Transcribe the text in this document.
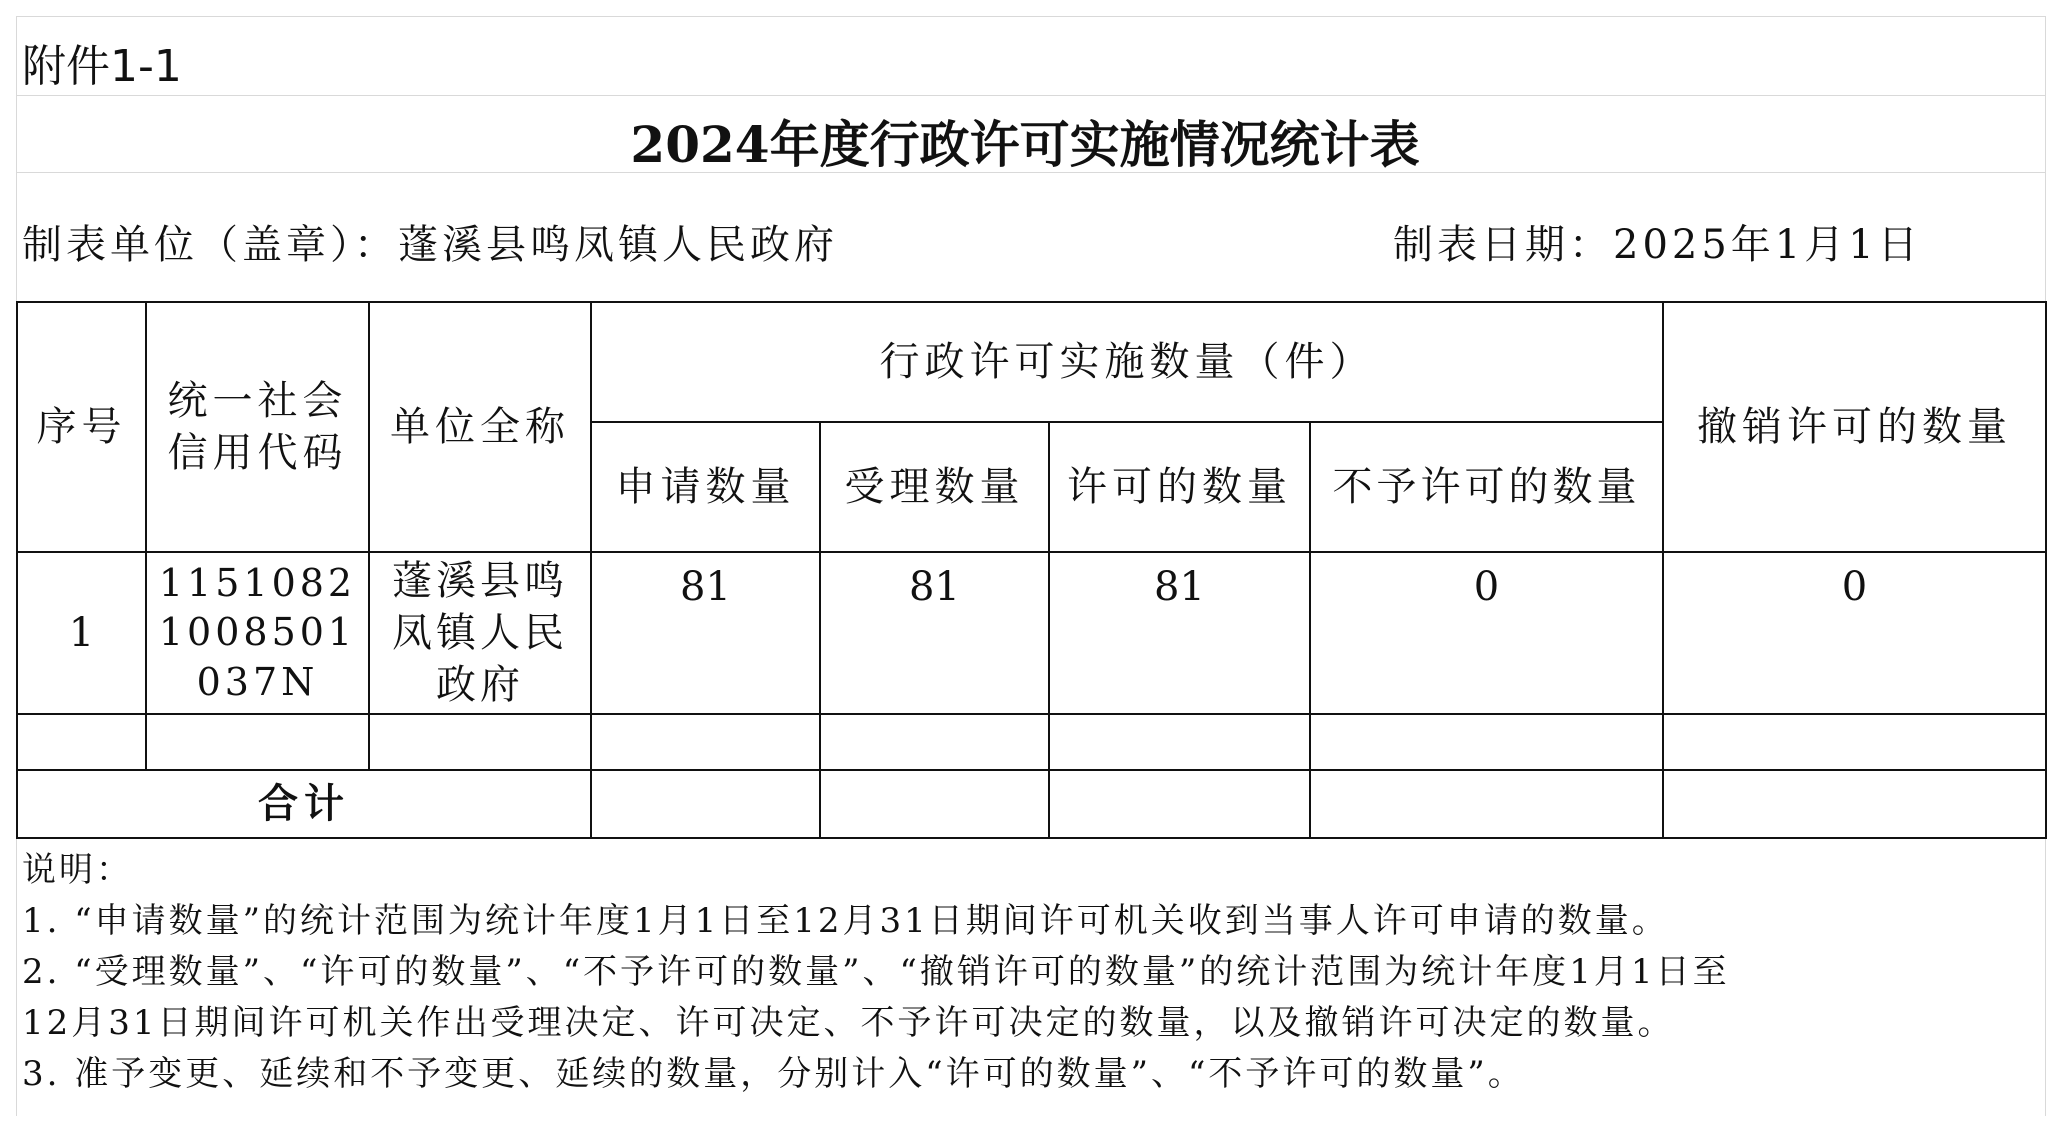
附件1-1
2024年度行政许可实施情况统计表
制表单位（盖章）：蓬溪县鸣凤镇人民政府	制表日期：2025年1月1日
序号	统一社会信用代码	单位全称	行政许可实施数量（件）				撤销许可的数量
			申请数量	受理数量	许可的数量	不予许可的数量	
1	11510821008501037N	蓬溪县鸣凤镇人民政府	81	81	81	0	0

合计							
说明：
1. “申请数量”的统计范围为统计年度1月1日至12月31日期间许可机关收到当事人许可申请的数量。
2. “受理数量”、“许可的数量”、“不予许可的数量”、“撤销许可的数量”的统计范围为统计年度1月1日至
12月31日期间许可机关作出受理决定、许可决定、不予许可决定的数量，以及撤销许可决定的数量。
3. 准予变更、延续和不予变更、延续的数量，分别计入“许可的数量”、“不予许可的数量”。
